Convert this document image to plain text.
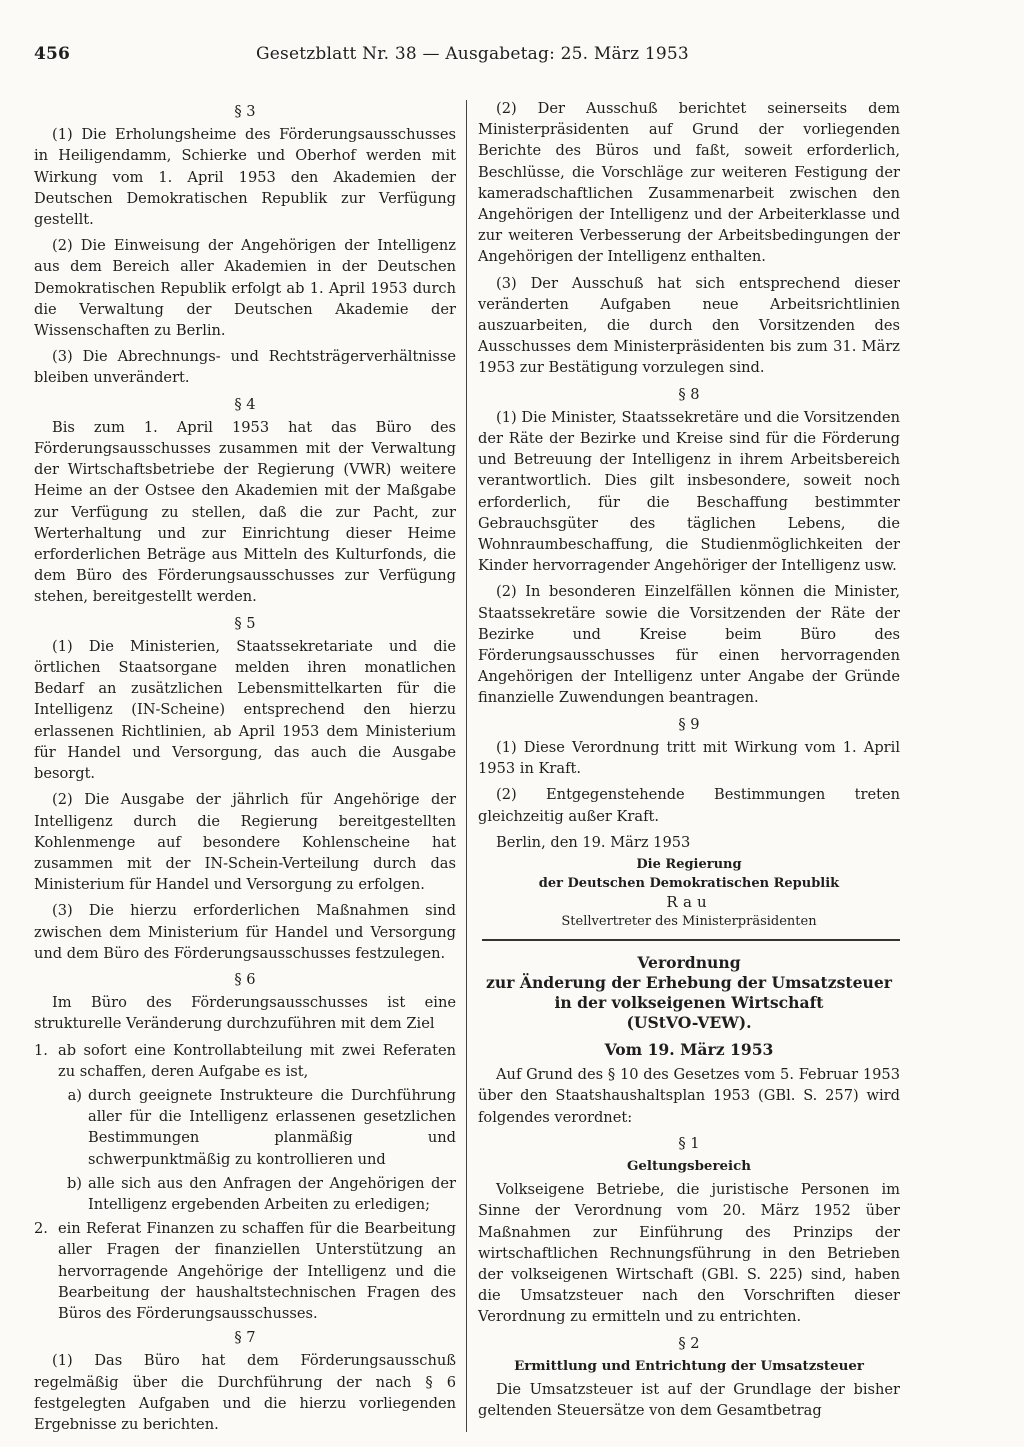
456	Gesetzblatt Nr. 38 — Ausgabetag: 25. März 1953
§ 3

(1) Die Erholungsheime des Förderungsausschusses in Heiligendamm, Schierke und Oberhof werden mit Wirkung vom 1. April 1953 den Akademien der Deutschen Demokratischen Republik zur Verfügung gestellt.

(2) Die Einweisung der Angehörigen der Intelligenz aus dem Bereich aller Akademien in der Deutschen Demokratischen Republik erfolgt ab 1. April 1953 durch die Verwaltung der Deutschen Akademie der Wissenschaften zu Berlin.

(3) Die Abrechnungs- und Rechtsträgerverhältnisse bleiben unverändert.

§ 4

Bis zum 1. April 1953 hat das Büro des Förderungsausschusses zusammen mit der Verwaltung der Wirtschaftsbetriebe der Regierung (VWR) weitere Heime an der Ostsee den Akademien mit der Maßgabe zur Verfügung zu stellen, daß die zur Pacht, zur Werterhaltung und zur Einrichtung dieser Heime erforderlichen Beträge aus Mitteln des Kulturfonds, die dem Büro des Förderungsausschusses zur Verfügung stehen, bereitgestellt werden.

§ 5

(1) Die Ministerien, Staatssekretariate und die örtlichen Staatsorgane melden ihren monatlichen Bedarf an zusätzlichen Lebensmittelkarten für die Intelligenz (IN-Scheine) entsprechend den hierzu erlassenen Richtlinien, ab April 1953 dem Ministerium für Handel und Versorgung, das auch die Ausgabe besorgt.

(2) Die Ausgabe der jährlich für Angehörige der Intelligenz durch die Regierung bereitgestellten Kohlenmenge auf besondere Kohlenscheine hat zusammen mit der IN-Schein-Verteilung durch das Ministerium für Handel und Versorgung zu erfolgen.

(3) Die hierzu erforderlichen Maßnahmen sind zwischen dem Ministerium für Handel und Versorgung und dem Büro des Förderungsausschusses festzulegen.

§ 6

Im Büro des Förderungsausschusses ist eine strukturelle Veränderung durchzuführen mit dem Ziel

1. ab sofort eine Kontrollabteilung mit zwei Referaten zu schaffen, deren Aufgabe es ist,
a) durch geeignete Instrukteure die Durchführung aller für die Intelligenz erlassenen gesetzlichen Bestimmungen planmäßig und schwerpunktmäßig zu kontrollieren und
b) alle sich aus den Anfragen der Angehörigen der Intelligenz ergebenden Arbeiten zu erledigen;
2. ein Referat Finanzen zu schaffen für die Bearbeitung aller Fragen der finanziellen Unterstützung an hervorragende Angehörige der Intelligenz und die Bearbeitung der haushaltstechnischen Fragen des Büros des Förderungsausschusses.
§ 7

(1) Das Büro hat dem Förderungsausschuß regelmäßig über die Durchführung der nach § 6 festgelegten Aufgaben und die hierzu vorliegenden Ergebnisse zu berichten.

(2) Der Ausschuß berichtet seinerseits dem Ministerpräsidenten auf Grund der vorliegenden Berichte des Büros und faßt, soweit erforderlich, Beschlüsse, die Vorschläge zur weiteren Festigung der kameradschaftlichen Zusammenarbeit zwischen den Angehörigen der Intelligenz und der Arbeiterklasse und zur weiteren Verbesserung der Arbeitsbedingungen der Angehörigen der Intelligenz enthalten.

(3) Der Ausschuß hat sich entsprechend dieser veränderten Aufgaben neue Arbeitsrichtlinien auszuarbeiten, die durch den Vorsitzenden des Ausschusses dem Ministerpräsidenten bis zum 31. März 1953 zur Bestätigung vorzulegen sind.

§ 8

(1) Die Minister, Staatssekretäre und die Vorsitzenden der Räte der Bezirke und Kreise sind für die Förderung und Betreuung der Intelligenz in ihrem Arbeitsbereich verantwortlich. Dies gilt insbesondere, soweit noch erforderlich, für die Beschaffung bestimmter Gebrauchsgüter des täglichen Lebens, die Wohnraumbeschaffung, die Studienmöglichkeiten der Kinder hervorragender Angehöriger der Intelligenz usw.

(2) In besonderen Einzelfällen können die Minister, Staatssekretäre sowie die Vorsitzenden der Räte der Bezirke und Kreise beim Büro des Förderungsausschusses für einen hervorragenden Angehörigen der Intelligenz unter Angabe der Gründe finanzielle Zuwendungen beantragen.

§ 9

(1) Diese Verordnung tritt mit Wirkung vom 1. April 1953 in Kraft.

(2) Entgegenstehende Bestimmungen treten gleichzeitig außer Kraft.

Berlin, den 19. März 1953
Die Regierung
der Deutschen Demokratischen Republik
Rau
Stellvertreter des Ministerpräsidenten
Verordnung
zur Änderung der Erhebung der Umsatzsteuer
in der volkseigenen Wirtschaft
(UStVO-VEW).
Vom 19. März 1953

Auf Grund des § 10 des Gesetzes vom 5. Februar 1953 über den Staatshaushaltsplan 1953 (GBl. S. 257) wird folgendes verordnet:

§ 1
Geltungsbereich

Volkseigene Betriebe, die juristische Personen im Sinne der Verordnung vom 20. März 1952 über Maßnahmen zur Einführung des Prinzips der wirtschaftlichen Rechnungsführung in den Betrieben der volkseigenen Wirtschaft (GBl. S. 225) sind, haben die Umsatzsteuer nach den Vorschriften dieser Verordnung zu ermitteln und zu entrichten.

§ 2
Ermittlung und Entrichtung der Umsatzsteuer

Die Umsatzsteuer ist auf der Grundlage der bisher geltenden Steuersätze von dem Gesamtbetrag
